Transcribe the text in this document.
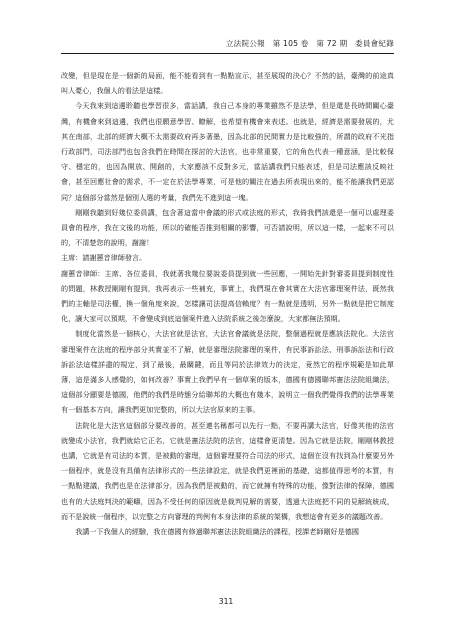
立法院公報　第 105 卷　第 72 期　委員會紀錄

改變，但是現在是一個新的局面，能不能看到有一點點宣示，甚至展現的決心？不然的話，臺灣的前途真叫人憂心，我個人的看法是這樣。

今天我來到這邊聆聽也學習很多，當話講，我自己本身的專業雖然不是法學，但是還是長時間關心臺灣，有機會來到這邊，我們也很願意學習、瞭解，也希望有機會來表述。也就是，經濟是需要發展的，尤其在南部，北部的經濟大概不太需要政府再多著墨，因為北部的民間實力是比較強的，所謂的政府不光指行政部門，司法部門也包含我們在時間在探討的大法官，也非常重要，它的角色代表一種意涵，是比較保守、穩定的，也因為開放、開創的，大家應該不反對多元，當話講我們只能表述，但是司法應該反映社會，甚至回應社會的需求，不一定在於法學專業，可是他的關注在過去所表現出來的，能不能讓我們更認同？這個部分當然是個別人選的考量，我們先不進到這一塊。

剛剛我聽到好幾位委員講，包含著這當中會議的形式或法庭的形式，我倚我們該還是一個可以處理委員會的程序，我在文後的功能，所以的確能否推到相關的影響，可否請說明，所以這一樣，一起來不可以的，不清楚您的說明，謝謝！

主席：請謝蕙音律師發言。

謝蕙音律師：主席、各位委員，我就著我幾位要說委員提到就一些回應，一開始先針對審委員提到制度性的問題，林教授剛剛有提到，我再表示一些補充，事實上，我們現在會其實在大法官審理案件法，既然我們的主軸是司法權，換一個角度來說，怎樣讓司法提高信賴度？有一點就是透明，另外一點就是把它制度化，讓大家可以預期，不會變成到底這個案件進入法院系統之後怎麼說，大家都無法預期。

制度化當然是一個核心，大法官就是法官，大法官會議就是法院，整個過程就是應該法院化。大法官審理案件在法庭的程序部分其實並不了解，就是審理法院審理的案件，有民事訴訟法、刑事訴訟法和行政訴訟法這樣詳盡的規定，到了最後，最關鍵，而且等同於法律效力的決定，竟然它的程序規範是如此單薄，這是滿多人感覺的，如何改善？事實上我們早有一個草案的版本，德國有德國聯邦憲法法院組織法，這個部分顯要是德國，他們的我們是時態分給聯邦的大概也有幾本，說明立一個我們覺得我們的法學專業有一個基本方向，讓我們更加完整的，所以大法官原來的主事。

法院化是大法官這個部分要改善的，甚至連名稱都可以先行一點，不要再講大法官，好像其他的法官就變成小法官，我們就給它正名，它就是憲法法院的法官，這樣會更清楚。因為它就是法院，剛剛林教授也講，它就是有司法的本質，是被動的審理，這個審理要符合司法的形式，這個在沒有找到為什麼要另外一個程序，就是沒有具備有法律形式的一些法律設定，就是我們更裡面的基礎，這都值得思考的本質，有一點點建議，我們也是在法律部分，因為我們是被動的，而它就擁有特殊的功能，像對法律的保障，德國也有的大法庭判決的範疇，因為不受任何的原因就是裁判見解的需要，透過大法庭把不同的見解統統成，而不是說統一個程序，以完整之方向審理的判例有本身法律的系統的架構，我想這會有更多的議題改善。

我講一下我個人的經驗，我在德國有修過聯邦憲法法院組織法的課程，授課老師剛好是德國

311
